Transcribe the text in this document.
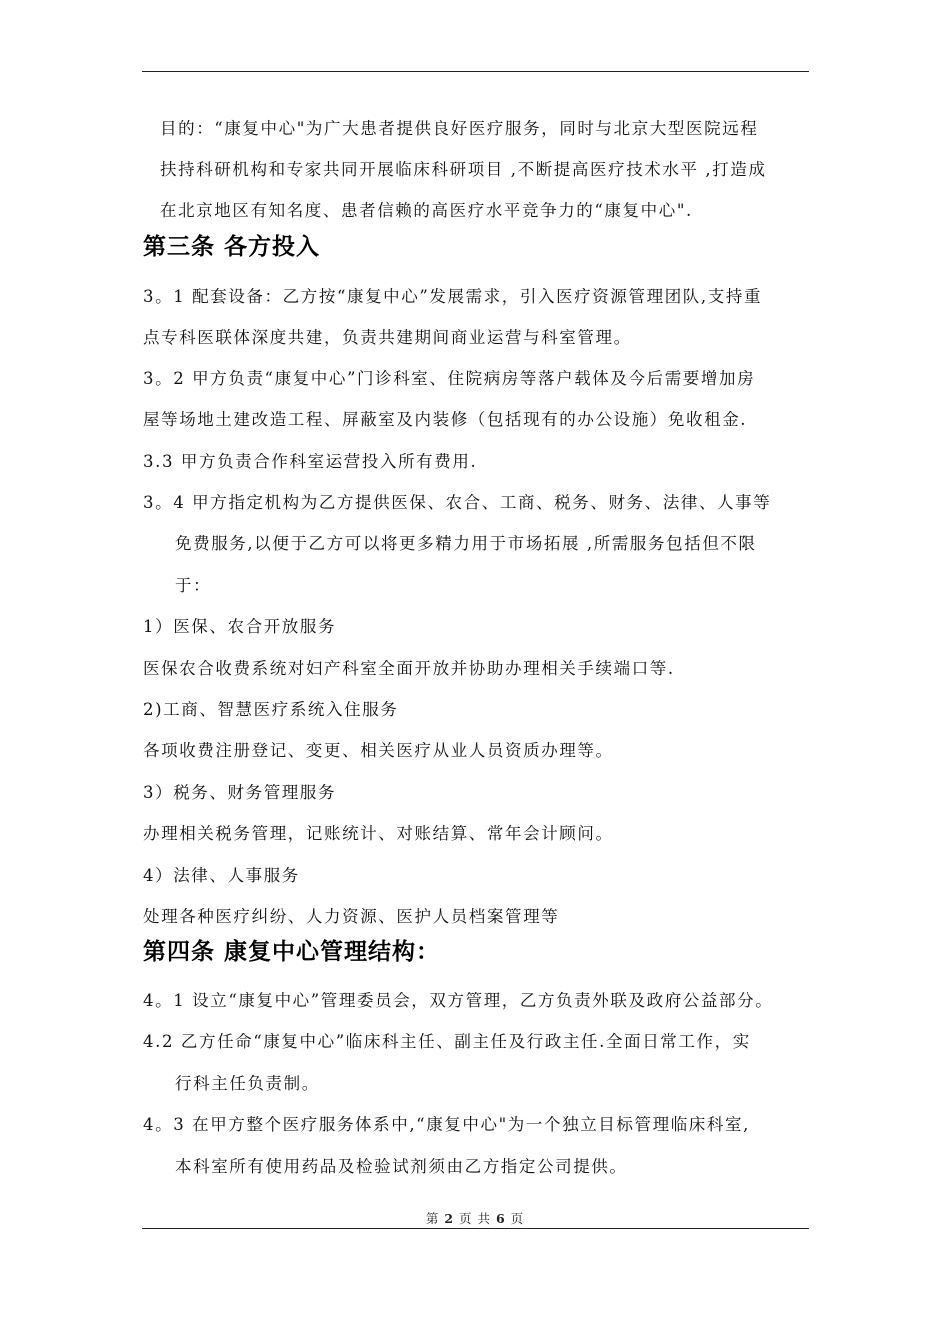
目的：“康复中心"为广大患者提供良好医疗服务，同时与北京大型医院远程
扶持科研机构和专家共同开展临床科研项目 ,不断提高医疗技术水平 ,打造成
在北京地区有知名度、患者信赖的高医疗水平竞争力的“康复中心".
第三条 各方投入
3。1 配套设备：乙方按“康复中心”发展需求，引入医疗资源管理团队,支持重
点专科医联体深度共建，负责共建期间商业运营与科室管理。
3。2 甲方负责“康复中心”门诊科室、住院病房等落户载体及今后需要增加房
屋等场地土建改造工程、屏蔽室及内装修（包括现有的办公设施）免收租金.
3.3 甲方负责合作科室运营投入所有费用.
3。4 甲方指定机构为乙方提供医保、农合、工商、税务、财务、法律、人事等
免费服务,以便于乙方可以将更多精力用于市场拓展 ,所需服务包括但不限
于：
1）医保、农合开放服务
医保农合收费系统对妇产科室全面开放并协助办理相关手续端口等.
2)工商、智慧医疗系统入住服务
各项收费注册登记、变更、相关医疗从业人员资质办理等。
3）税务、财务管理服务
办理相关税务管理，记账统计、对账结算、常年会计顾问。
4）法律、人事服务
处理各种医疗纠纷、人力资源、医护人员档案管理等
第四条 康复中心管理结构：
4。1 设立“康复中心”管理委员会，双方管理，乙方负责外联及政府公益部分。
4.2 乙方任命“康复中心”临床科主任、副主任及行政主任.全面日常工作，实
行科主任负责制。
4。3 在甲方整个医疗服务体系中,“康复中心"为一个独立目标管理临床科室,
本科室所有使用药品及检验试剂须由乙方指定公司提供。
第 2 页 共 6 页
